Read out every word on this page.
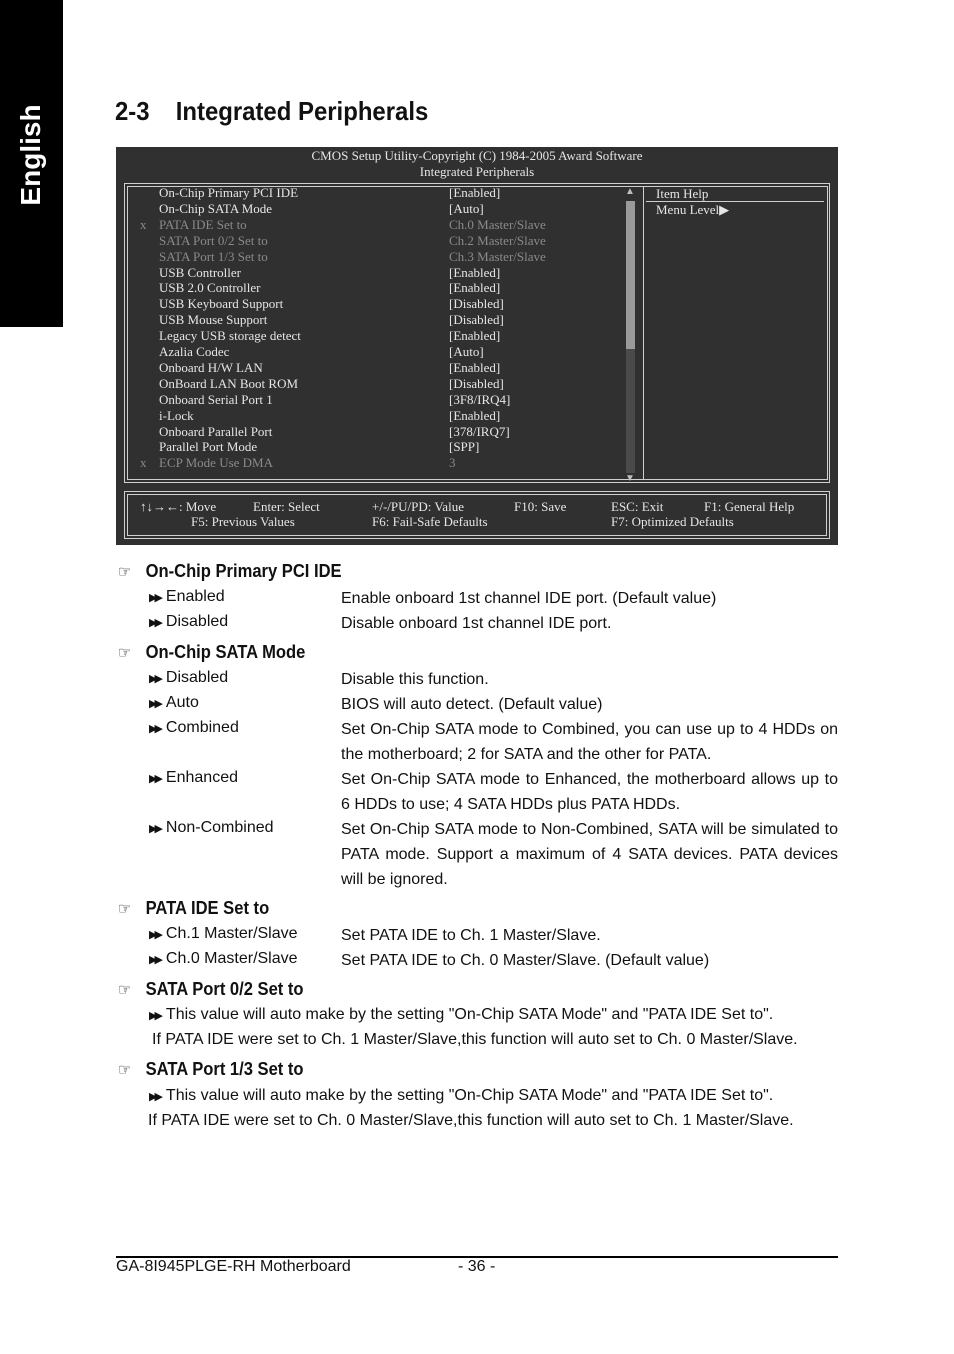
English	2-3 Integrated Peripherals
CMOS Setup Utility-Copyright (C) 1984-2005 Award Software
Integrated Peripherals
On-Chip Primary PCI IDE	[Enabled]
On-Chip SATA Mode	[Auto]
x PATA IDE Set to	Ch.0 Master/Slave
SATA Port 0/2 Set to	Ch.2 Master/Slave
SATA Port 1/3 Set to	Ch.3 Master/Slave
USB Controller	[Enabled]
USB 2.0 Controller	[Enabled]
USB Keyboard Support	[Disabled]
USB Mouse Support	[Disabled]
Legacy USB storage detect	[Enabled]
Azalia Codec	[Auto]
Onboard H/W LAN	[Enabled]
OnBoard LAN Boot ROM	[Disabled]
Onboard Serial Port 1	[3F8/IRQ4]
i-Lock	[Enabled]
Onboard Parallel Port	[378/IRQ7]
Parallel Port Mode	[SPP]
x ECP Mode Use DMA	3
▲
▼
Item Help
Menu Level▶
↑↓→←: Move	Enter: Select	+/-/PU/PD: Value	F10: Save	ESC: Exit	F1: General Help
F5: Previous Values	F6: Fail-Safe Defaults	F7: Optimized Defaults
☞ On-Chip Primary PCI IDE
▶▶ Enabled	Enable onboard 1st channel IDE port. (Default value)
▶▶ Disabled	Disable onboard 1st channel IDE port.
☞ On-Chip SATA Mode
▶▶ Disabled	Disable this function.
▶▶ Auto	BIOS will auto detect. (Default value)
▶▶ Combined	Set On-Chip SATA mode to Combined, you can use up to 4 HDDs on the motherboard; 2 for SATA and the other for PATA.
▶▶ Enhanced	Set On-Chip SATA mode to Enhanced, the motherboard allows up to 6 HDDs to use; 4 SATA HDDs plus PATA HDDs.
▶▶ Non-Combined	Set On-Chip SATA mode to Non-Combined, SATA will be simulated to PATA mode. Support a maximum of 4 SATA devices. PATA devices will be ignored.
☞ PATA IDE Set to
▶▶ Ch.1 Master/Slave	Set PATA IDE to Ch. 1 Master/Slave.
▶▶ Ch.0 Master/Slave	Set PATA IDE to Ch. 0 Master/Slave. (Default value)
☞ SATA Port 0/2 Set to
▶▶ This value will auto make by the setting "On-Chip SATA Mode" and "PATA IDE Set to".
If PATA IDE were set to Ch. 1 Master/Slave,this function will auto set to Ch. 0 Master/Slave.
☞ SATA Port 1/3 Set to
▶▶ This value will auto make by the setting "On-Chip SATA Mode" and "PATA IDE Set to".
If PATA IDE were set to Ch. 0 Master/Slave,this function will auto set to Ch. 1 Master/Slave.
GA-8I945PLGE-RH Motherboard	- 36 -
